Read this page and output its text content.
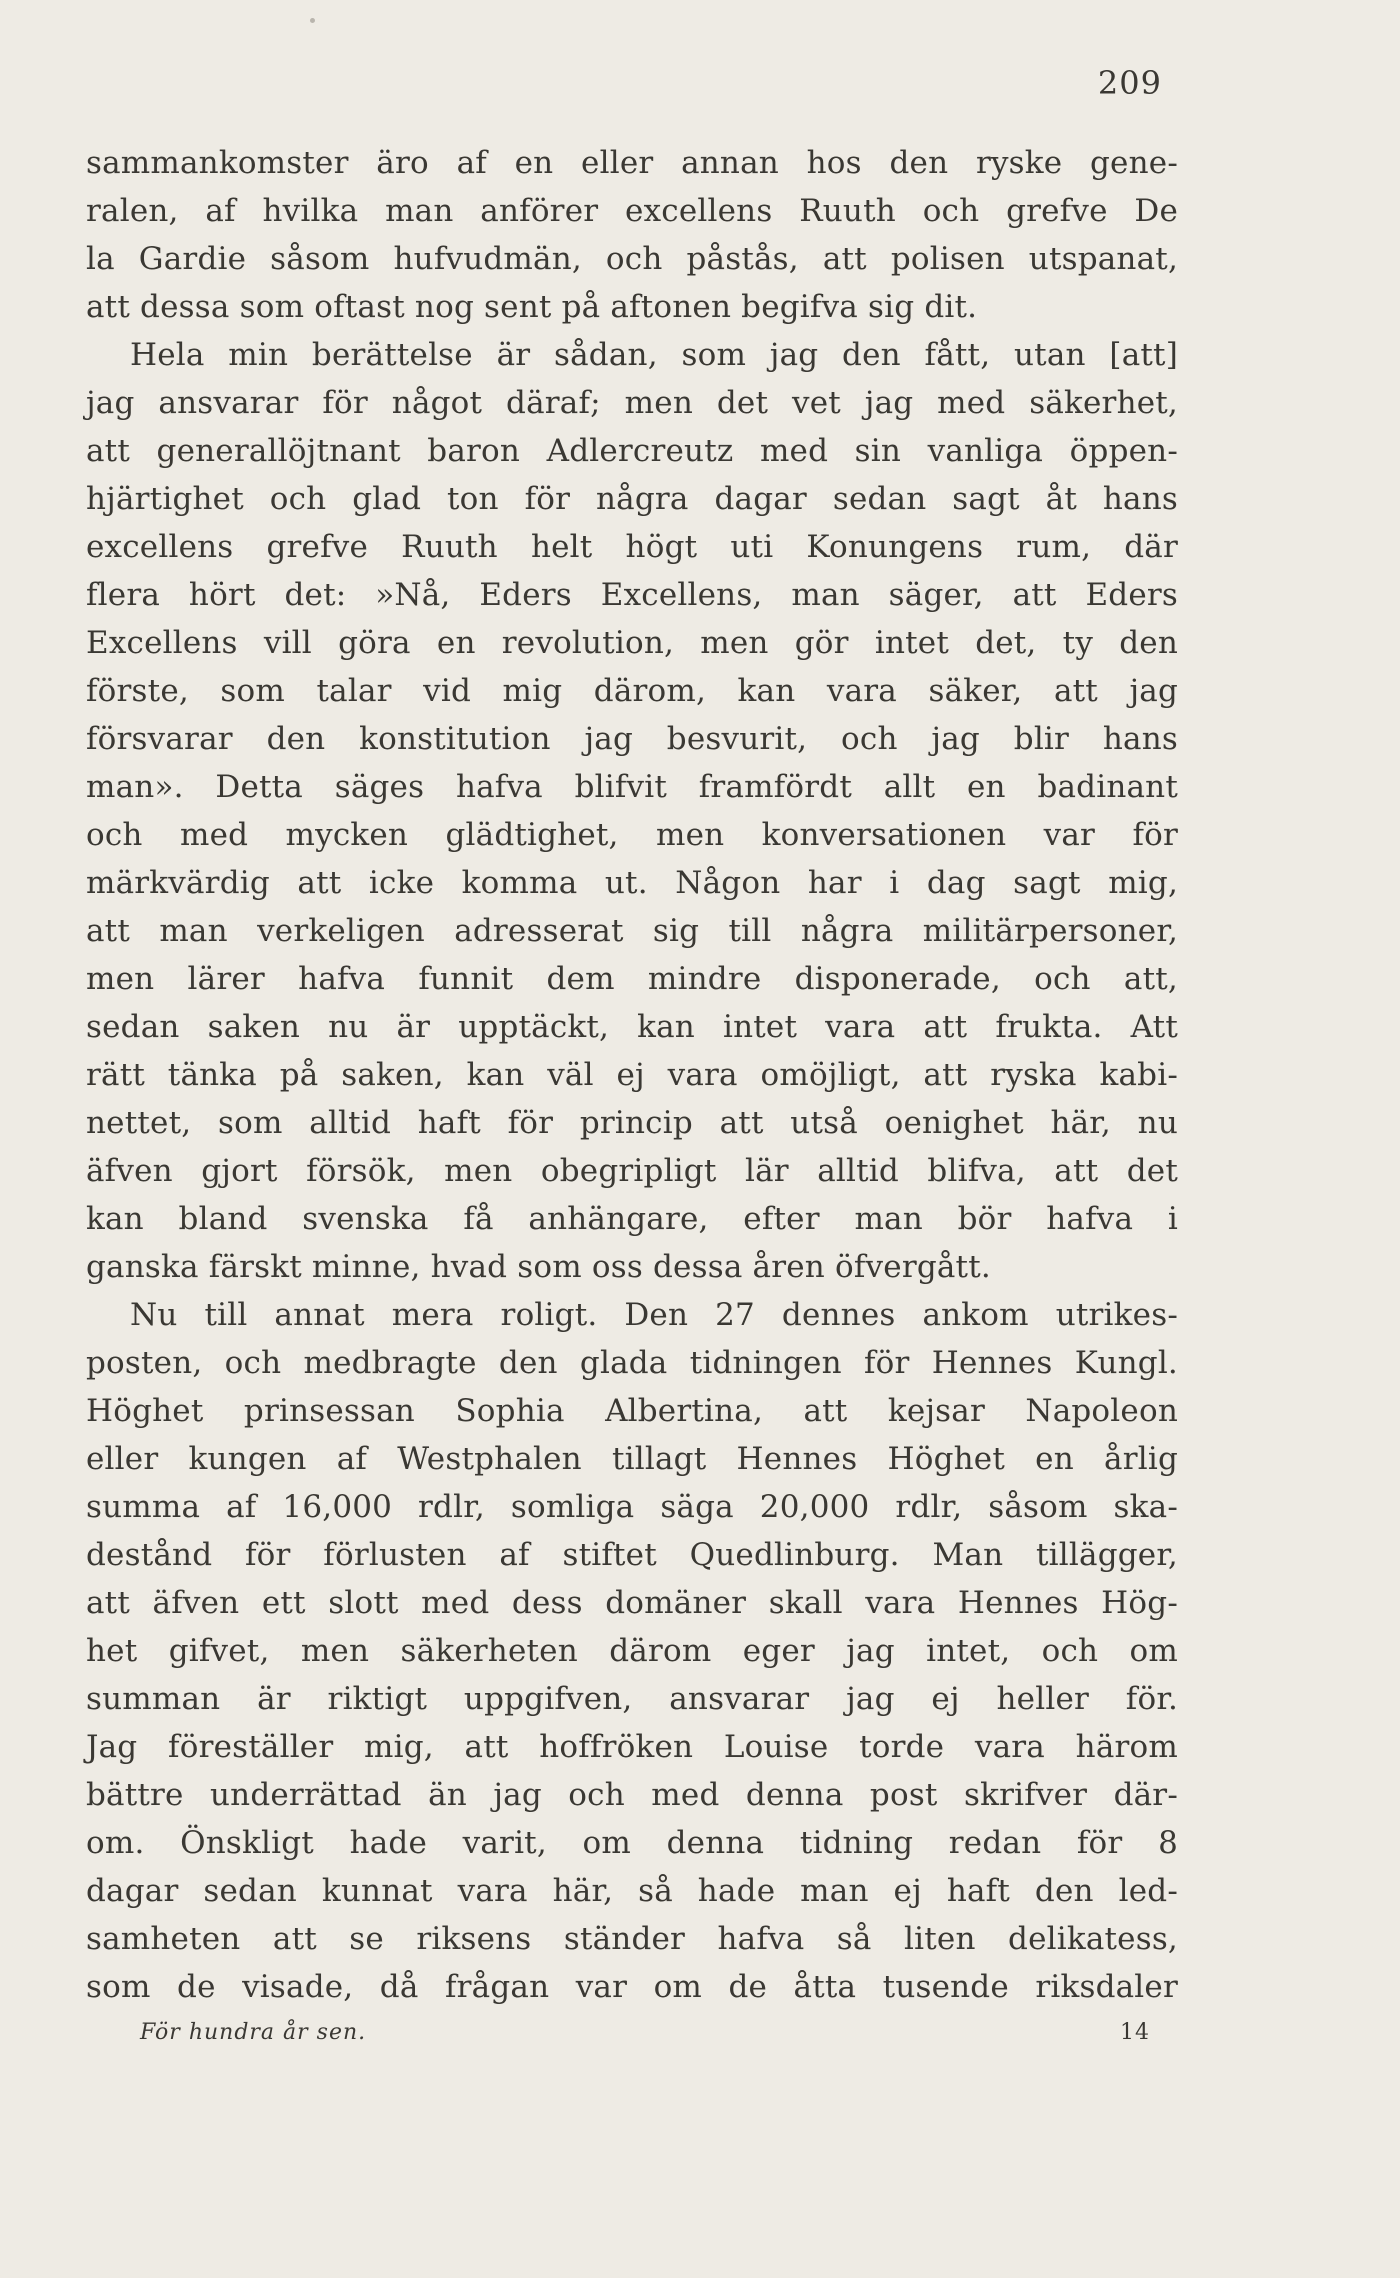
209
sammankomster äro af en eller annan hos den ryske gene-
ralen, af hvilka man anförer excellens Ruuth och grefve De
la Gardie såsom hufvudmän, och påstås, att polisen utspanat,
att dessa som oftast nog sent på aftonen begifva sig dit.
Hela min berättelse är sådan, som jag den fått, utan [att]
jag ansvarar för något däraf; men det vet jag med säkerhet,
att generallöjtnant baron Adlercreutz med sin vanliga öppen-
hjärtighet och glad ton för några dagar sedan sagt åt hans
excellens grefve Ruuth helt högt uti Konungens rum, där
flera hört det: »Nå, Eders Excellens, man säger, att Eders
Excellens vill göra en revolution, men gör intet det, ty den
förste, som talar vid mig därom, kan vara säker, att jag
försvarar den konstitution jag besvurit, och jag blir hans
man». Detta säges hafva blifvit framfördt allt en badinant
och med mycken glädtighet, men konversationen var för
märkvärdig att icke komma ut. Någon har i dag sagt mig,
att man verkeligen adresserat sig till några militärpersoner,
men lärer hafva funnit dem mindre disponerade, och att,
sedan saken nu är upptäckt, kan intet vara att frukta. Att
rätt tänka på saken, kan väl ej vara omöjligt, att ryska kabi-
nettet, som alltid haft för princip att utså oenighet här, nu
äfven gjort försök, men obegripligt lär alltid blifva, att det
kan bland svenska få anhängare, efter man bör hafva i
ganska färskt minne, hvad som oss dessa åren öfvergått.
Nu till annat mera roligt. Den 27 dennes ankom utrikes-
posten, och medbragte den glada tidningen för Hennes Kungl.
Höghet prinsessan Sophia Albertina, att kejsar Napoleon
eller kungen af Westphalen tillagt Hennes Höghet en årlig
summa af 16,000 rdlr, somliga säga 20,000 rdlr, såsom ska-
destånd för förlusten af stiftet Quedlinburg. Man tillägger,
att äfven ett slott med dess domäner skall vara Hennes Hög-
het gifvet, men säkerheten därom eger jag intet, och om
summan är riktigt uppgifven, ansvarar jag ej heller för.
Jag föreställer mig, att hoffröken Louise torde vara härom
bättre underrättad än jag och med denna post skrifver där-
om. Önskligt hade varit, om denna tidning redan för 8
dagar sedan kunnat vara här, så hade man ej haft den led-
samheten att se riksens ständer hafva så liten delikatess,
som de visade, då frågan var om de åtta tusende riksdaler
För hundra år sen.	14
